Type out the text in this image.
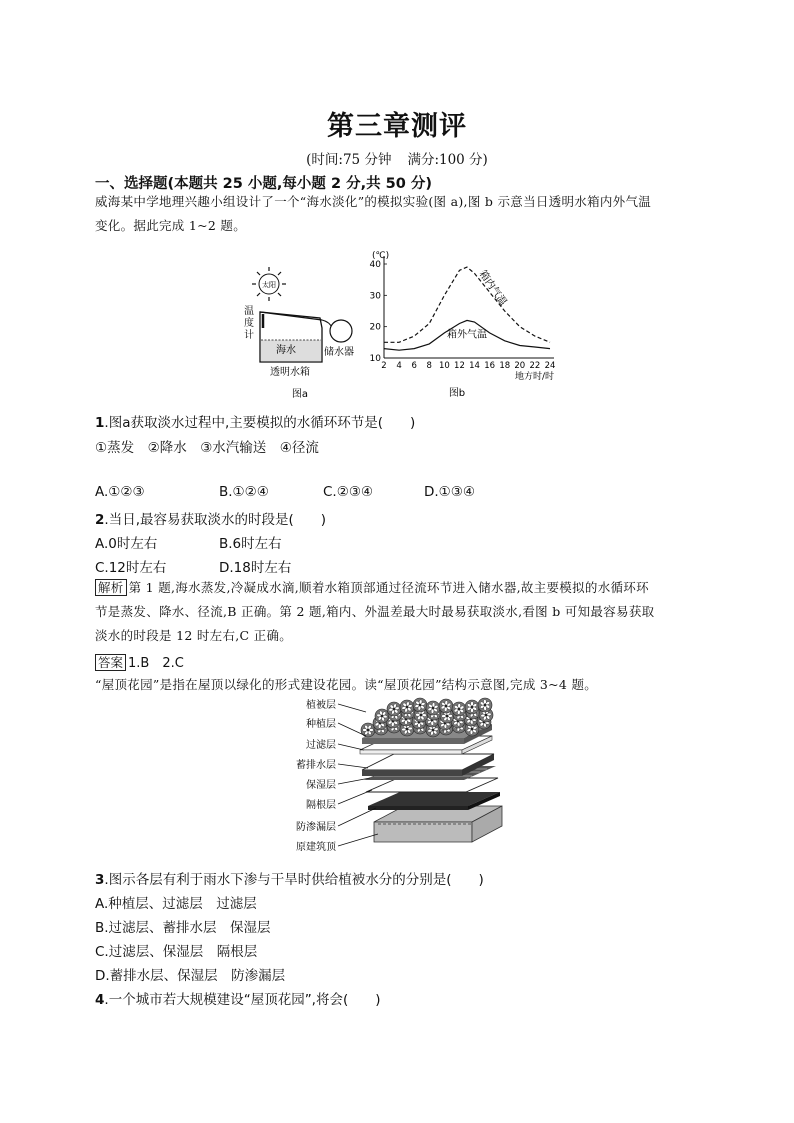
第三章测评
(时间:75 分钟 满分:100 分)
一、选择题(本题共 25 小题,每小题 2 分,共 50 分)
威海某中学地理兴趣小组设计了一个“海水淡化”的模拟实验(图 a),图 b 示意当日透明水箱内外气温
变化。据此完成 1~2 题。
太阳
温
度
计
海水	储水器
透明水箱
图a
(℃)
图b
地方时/时
40
30
20
10
2 4 6 8 10 12 14 16 18 20 22 24
箱内气温
箱外气温
1.图a获取淡水过程中,主要模拟的水循环环节是(　　)
①蒸发　②降水　③水汽输送　④径流
A.①②③	B.①②④	C.②③④	D.①③④
2.当日,最容易获取淡水的时段是(　　)
A.0时左右	B.6时左右
C.12时左右	D.18时左右
解析 第 1 题,海水蒸发,冷凝成水滴,顺着水箱顶部通过径流环节进入储水器,故主要模拟的水循环环
节是蒸发、降水、径流,B 正确。第 2 题,箱内、外温差最大时最易获取淡水,看图 b 可知最容易获取
淡水的时段是 12 时左右,C 正确。
答案 1.B　2.C
“屋顶花园”是指在屋顶以绿化的形式建设花园。读“屋顶花园”结构示意图,完成 3~4 题。
植被层
种植层
过滤层
蓄排水层
保湿层
隔根层
防渗漏层
原建筑顶
3.图示各层有利于雨水下渗与干旱时供给植被水分的分别是(　　)
A.种植层、过滤层　过滤层
B.过滤层、蓄排水层　保湿层
C.过滤层、保湿层　隔根层
D.蓄排水层、保湿层　防渗漏层
4.一个城市若大规模建设“屋顶花园”,将会(　　)
